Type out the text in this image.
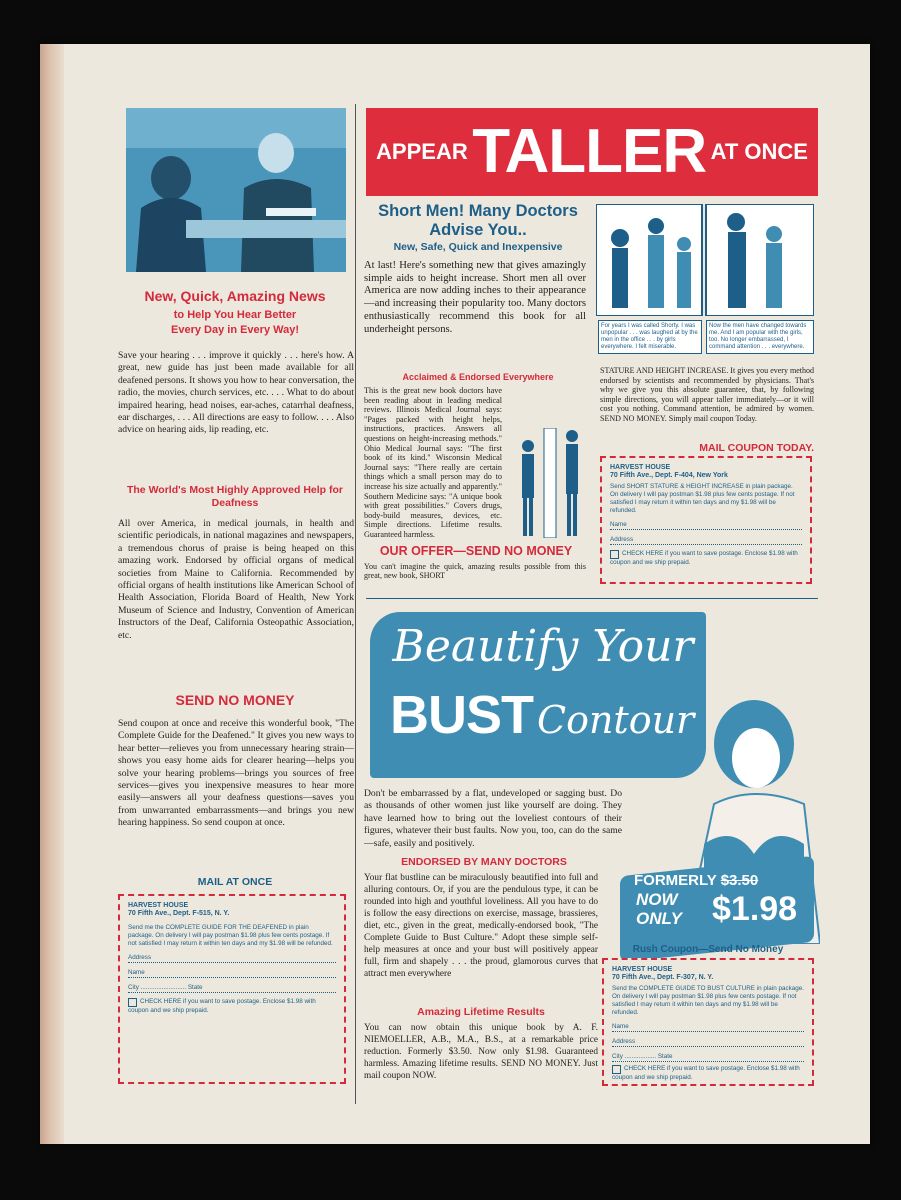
New, Quick, Amazing News
to Help You Hear Better
Every Day in Every Way!
Save your hearing . . . improve it quickly . . . here's how. A great, new guide has just been made available for all deafened persons. It shows you how to hear conversation, the radio, the movies, church services, etc. . . . What to do about impaired hearing, head noises, ear-aches, catarrhal deafness, ear discharges, . . . All directions are easy to follow. . . . Also advice on hearing aids, lip reading, etc.
The World's Most Highly Approved Help for Deafness
All over America, in medical journals, in health and scientific periodicals, in national magazines and newspapers, a tremendous chorus of praise is being heaped on this amazing work. Endorsed by official organs of medical societies from Maine to California. Recommended by official organs of health institutions like American School of Health Association, Florida Board of Health, New York Museum of Science and Industry, Convention of American Instructors of the Deaf, California Osteopathic Association, etc.
SEND NO MONEY
Send coupon at once and receive this wonderful book, "The Complete Guide for the Deafened." It gives you new ways to hear better—relieves you from unnecessary hearing strain—shows you easy home aids for clearer hearing—helps you solve your hearing problems—brings you sources of free services—gives you inexpensive measures to hear more easily—answers all your deafness questions—saves you from unwarranted embarrassments—and brings you new hearing happiness. So send coupon at once.
MAIL AT ONCE
HARVEST HOUSE
70 Fifth Ave., Dept. F-515, N. Y.
Send me the COMPLETE GUIDE FOR THE DEAFENED in plain package. On delivery I will pay postman $1.98 plus few cents postage. If not satisfied I may return it within ten days and my $1.98 will be refunded.
Address
Name
City .......................... State
CHECK HERE if you want to save postage. Enclose $1.98 with coupon and we ship prepaid.
APPEAR TALLER AT ONCE
Short Men! Many Doctors Advise You..
New, Safe, Quick and Inexpensive
At last! Here's something new that gives amazingly simple aids to height increase. Short men all over America are now adding inches to their appearance—and increasing their popularity too. Many doctors enthusiastically recommend this book for all underheight persons.
Acclaimed & Endorsed Everywhere
This is the great new book doctors have been reading about in leading medical reviews. Illinois Medical Journal says: "Pages packed with height helps, instructions, practices. Answers all questions on height-increasing methods." Ohio Medical Journal says: "The first book of its kind." Wisconsin Medical Journal says: "There really are certain things which a small person may do to increase his size actually and apparently." Southern Medicine says: "A unique book with great possibilities." Covers drugs, body-build measures, devices, etc. Simple directions. Lifetime results. Guaranteed harmless.
OUR OFFER—SEND NO MONEY
You can't imagine the quick, amazing results possible from this great, new book, SHORT
For years I was called Shorty. I was unpopular . . . was laughed at by the men in the office . . . by girls everywhere. I felt miserable.
Now the men have changed towards me. And I am popular with the girls, too. No longer embarrassed, I command attention . . . everywhere.
STATURE AND HEIGHT INCREASE. It gives you every method endorsed by scientists and recommended by physicians. That's why we give you this absolute guarantee, that, by following simple directions, you will appear taller immediately—or it will cost you nothing. Command attention, be admired by women. SEND NO MONEY. Simply mail coupon Today.
MAIL COUPON TODAY.
HARVEST HOUSE
70 Fifth Ave., Dept. F-404, New York
Send SHORT STATURE & HEIGHT INCREASE in plain package. On delivery I will pay postman $1.98 plus few cents postage. If not satisfied I may return it within ten days and my $1.98 will be refunded.
Name
Address
CHECK HERE if you want to save postage. Enclose $1.98 with coupon and we ship prepaid.
Beautify Your
BUST Contour
FORMERLY $3.50
NOW ONLY $1.98
Don't be embarrassed by a flat, undeveloped or sagging bust. Do as thousands of other women just like yourself are doing. They have learned how to bring out the loveliest contours of their figures, whatever their bust faults. Now you, too, can do the same—safe, easily and positively.
ENDORSED BY MANY DOCTORS
Your flat bustline can be miraculously beautified into full and alluring contours. Or, if you are the pendulous type, it can be rounded into high and youthful loveliness. All you have to do is follow the easy directions on exercise, massage, brassieres, diet, etc., given in the great, medically-endorsed book, "The Complete Guide to Bust Culture." Adopt these simple self-help measures at once and your bust will positively appear full, firm and shapely . . . the proud, glamorous curves that attract men everywhere
Amazing Lifetime Results
You can now obtain this unique book by A. F. NIEMOELLER, A.B., M.A., B.S., at a remarkable price reduction. Formerly $3.50. Now only $1.98. Guaranteed harmless. Amazing lifetime results. SEND NO MONEY. Just mail coupon NOW.
Rush Coupon—Send No Money
HARVEST HOUSE
70 Fifth Ave., Dept. F-307, N. Y.
Send the COMPLETE GUIDE TO BUST CULTURE in plain package. On delivery I will pay postman $1.98 plus few cents postage. If not satisfied I may return it within ten days and my $1.98 will be refunded.
Name
Address
City .................. State
CHECK HERE if you want to save postage. Enclose $1.98 with coupon and we ship prepaid.
